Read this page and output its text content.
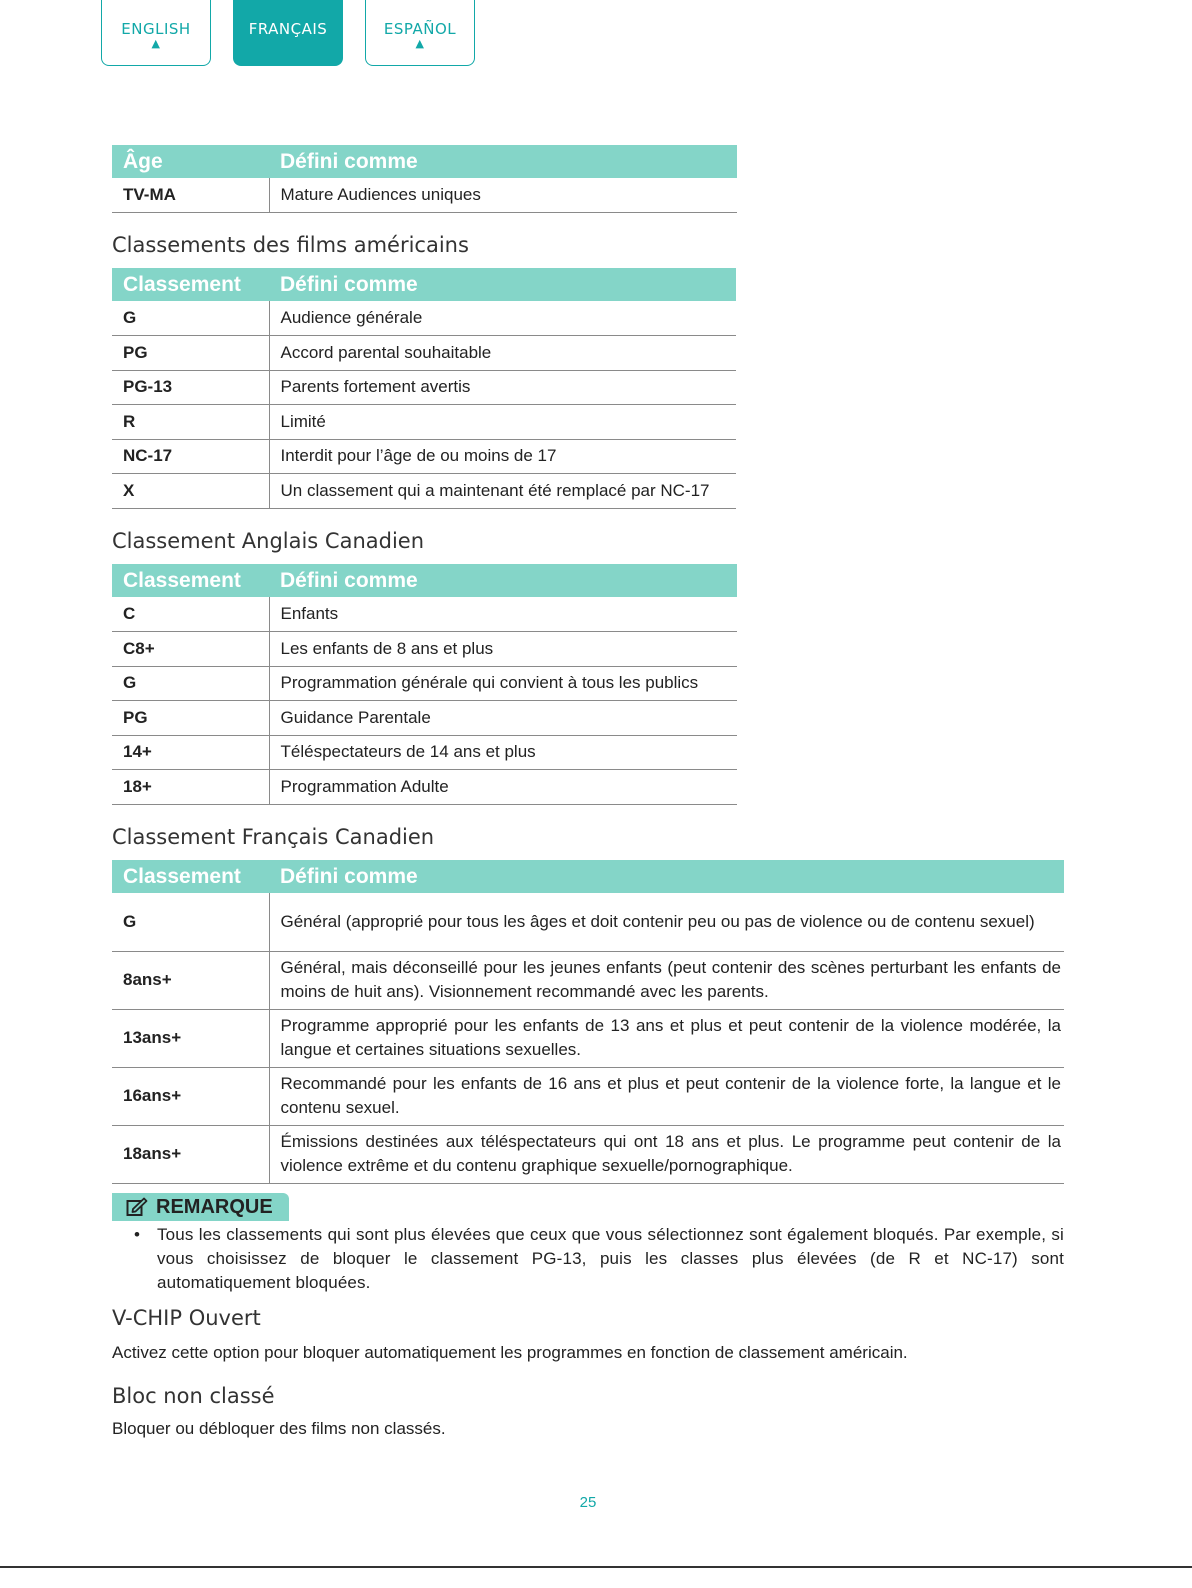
ENGLISH
▲
FRANÇAIS	ESPAÑOL
▲
Âge	Défini comme
TV-MA	Mature Audiences uniques
Classements des films américains
Classement	Défini comme
G	Audience générale
PG	Accord parental souhaitable
PG-13	Parents fortement avertis
R	Limité
NC-17	Interdit pour l’âge de ou moins de 17
X	Un classement qui a maintenant été remplacé par NC-17
Classement Anglais Canadien
Classement	Défini comme
C	Enfants
C8+	Les enfants de 8 ans et plus
G	Programmation générale qui convient à tous les publics
PG	Guidance Parentale
14+	Téléspectateurs de 14 ans et plus
18+	Programmation Adulte
Classement Français Canadien
Classement	Défini comme
G	Général (approprié pour tous les âges et doit contenir peu ou pas de violence ou de contenu sexuel)
8ans+	Général, mais déconseillé pour les jeunes enfants (peut contenir des scènes perturbant les enfants de moins de huit ans). Visionnement recommandé avec les parents.
13ans+	Programme approprié pour les enfants de 13 ans et plus et peut contenir de la violence modérée, la langue et certaines situations sexuelles.
16ans+	Recommandé pour les enfants de 16 ans et plus et peut contenir de la violence forte, la langue et le contenu sexuel.
18ans+	Émissions destinées aux téléspectateurs qui ont 18 ans et plus. Le programme peut contenir de la violence extrême et du contenu graphique sexuelle/pornographique.
REMARQUE
• Tous les classements qui sont plus élevées que ceux que vous sélectionnez sont également bloqués. Par exemple, si vous choisissez de bloquer le classement PG-13, puis les classes plus élevées (de R et NC-17) sont automatiquement bloquées.
V-CHIP Ouvert

Activez cette option pour bloquer automatiquement les programmes en fonction de classement américain.

Bloc non classé

Bloquer ou débloquer des films non classés.

25
